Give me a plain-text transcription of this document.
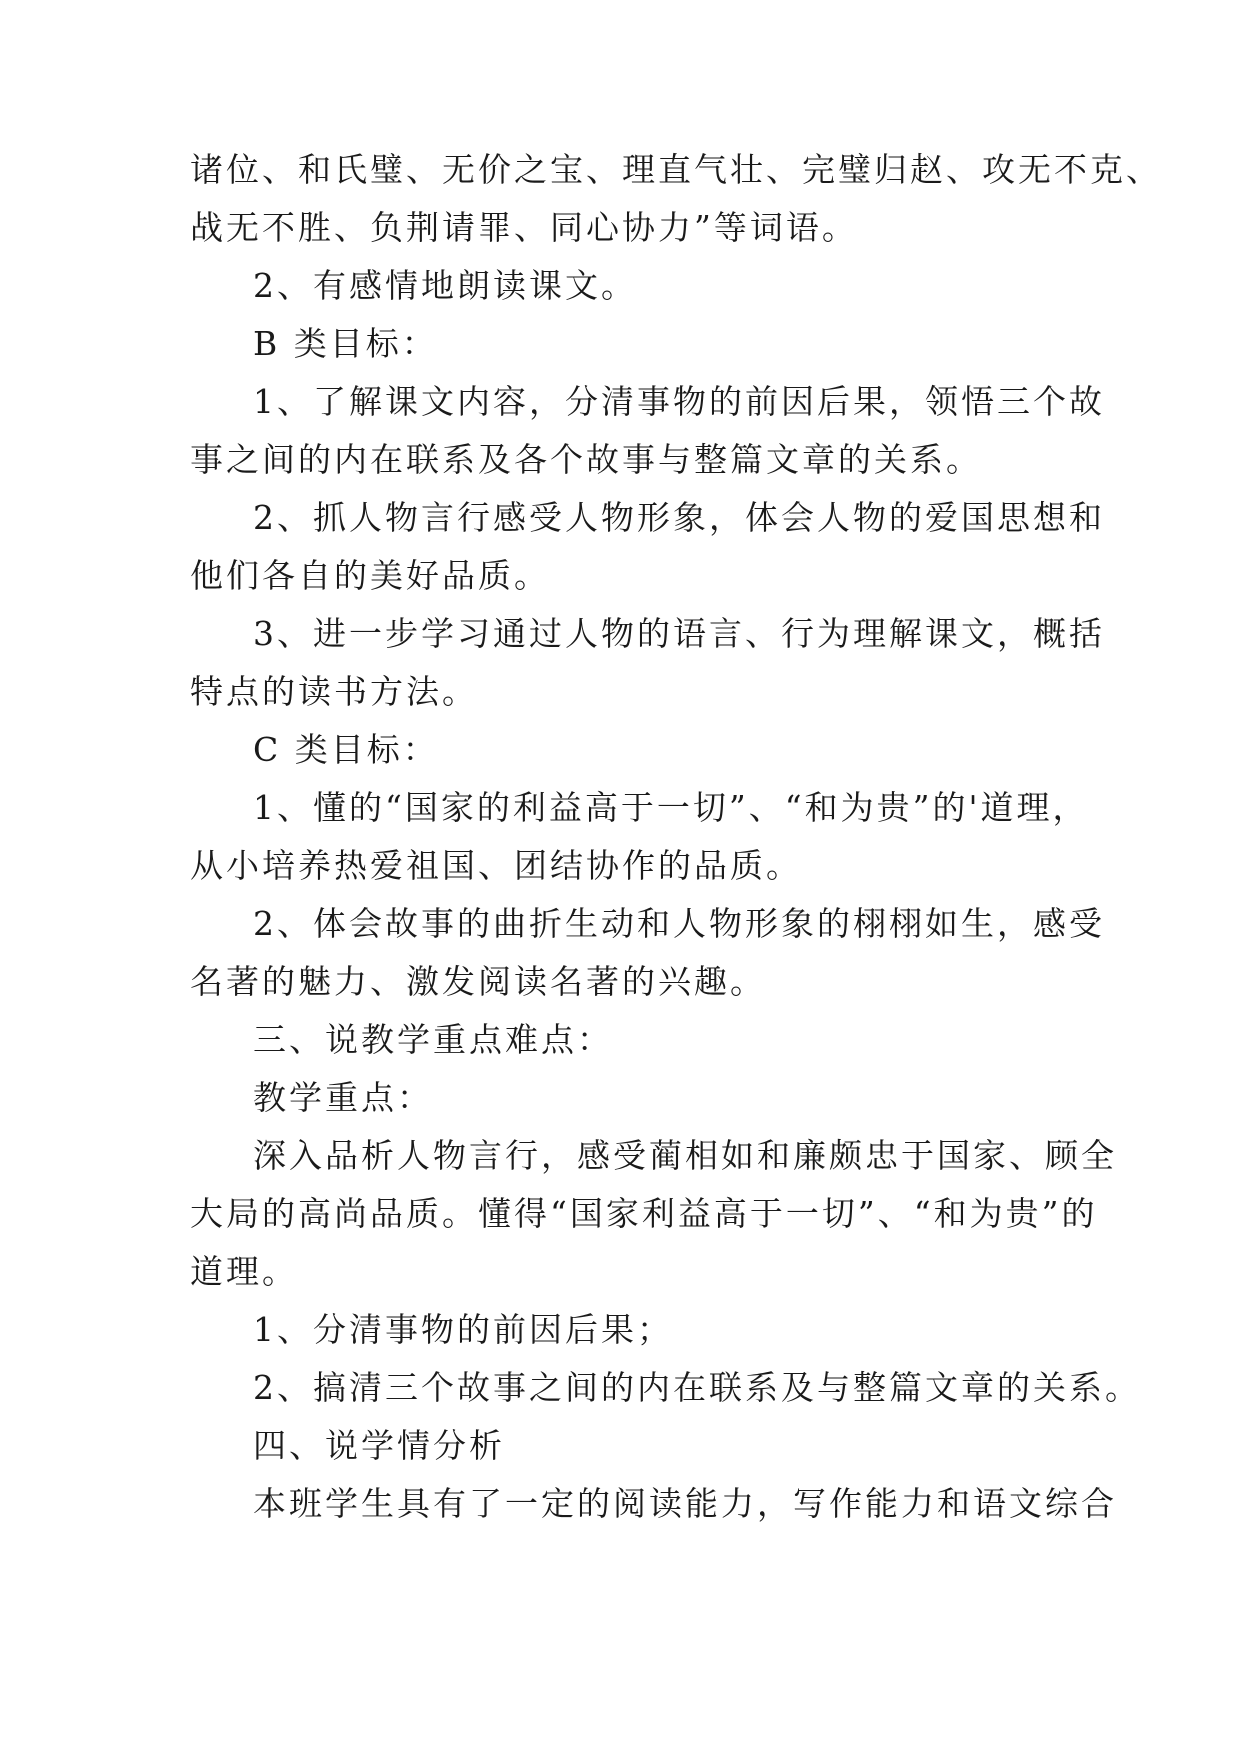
诸位、和氏璧、无价之宝、理直气壮、完璧归赵、攻无不克、
战无不胜、负荆请罪、同心协力”等词语。
2、有感情地朗读课文。
B 类目标：
1、了解课文内容，分清事物的前因后果，领悟三个故
事之间的内在联系及各个故事与整篇文章的关系。
2、抓人物言行感受人物形象，体会人物的爱国思想和
他们各自的美好品质。
3、进一步学习通过人物的语言、行为理解课文，概括
特点的读书方法。
C 类目标：
1、懂的“国家的利益高于一切”、“和为贵”的'道理，
从小培养热爱祖国、团结协作的品质。
2、体会故事的曲折生动和人物形象的栩栩如生，感受
名著的魅力、激发阅读名著的兴趣。
三、说教学重点难点：
教学重点：
深入品析人物言行，感受蔺相如和廉颇忠于国家、顾全
大局的高尚品质。懂得“国家利益高于一切”、“和为贵”的
道理。
1、分清事物的前因后果；
2、搞清三个故事之间的内在联系及与整篇文章的关系。
四、说学情分析
本班学生具有了一定的阅读能力，写作能力和语文综合
